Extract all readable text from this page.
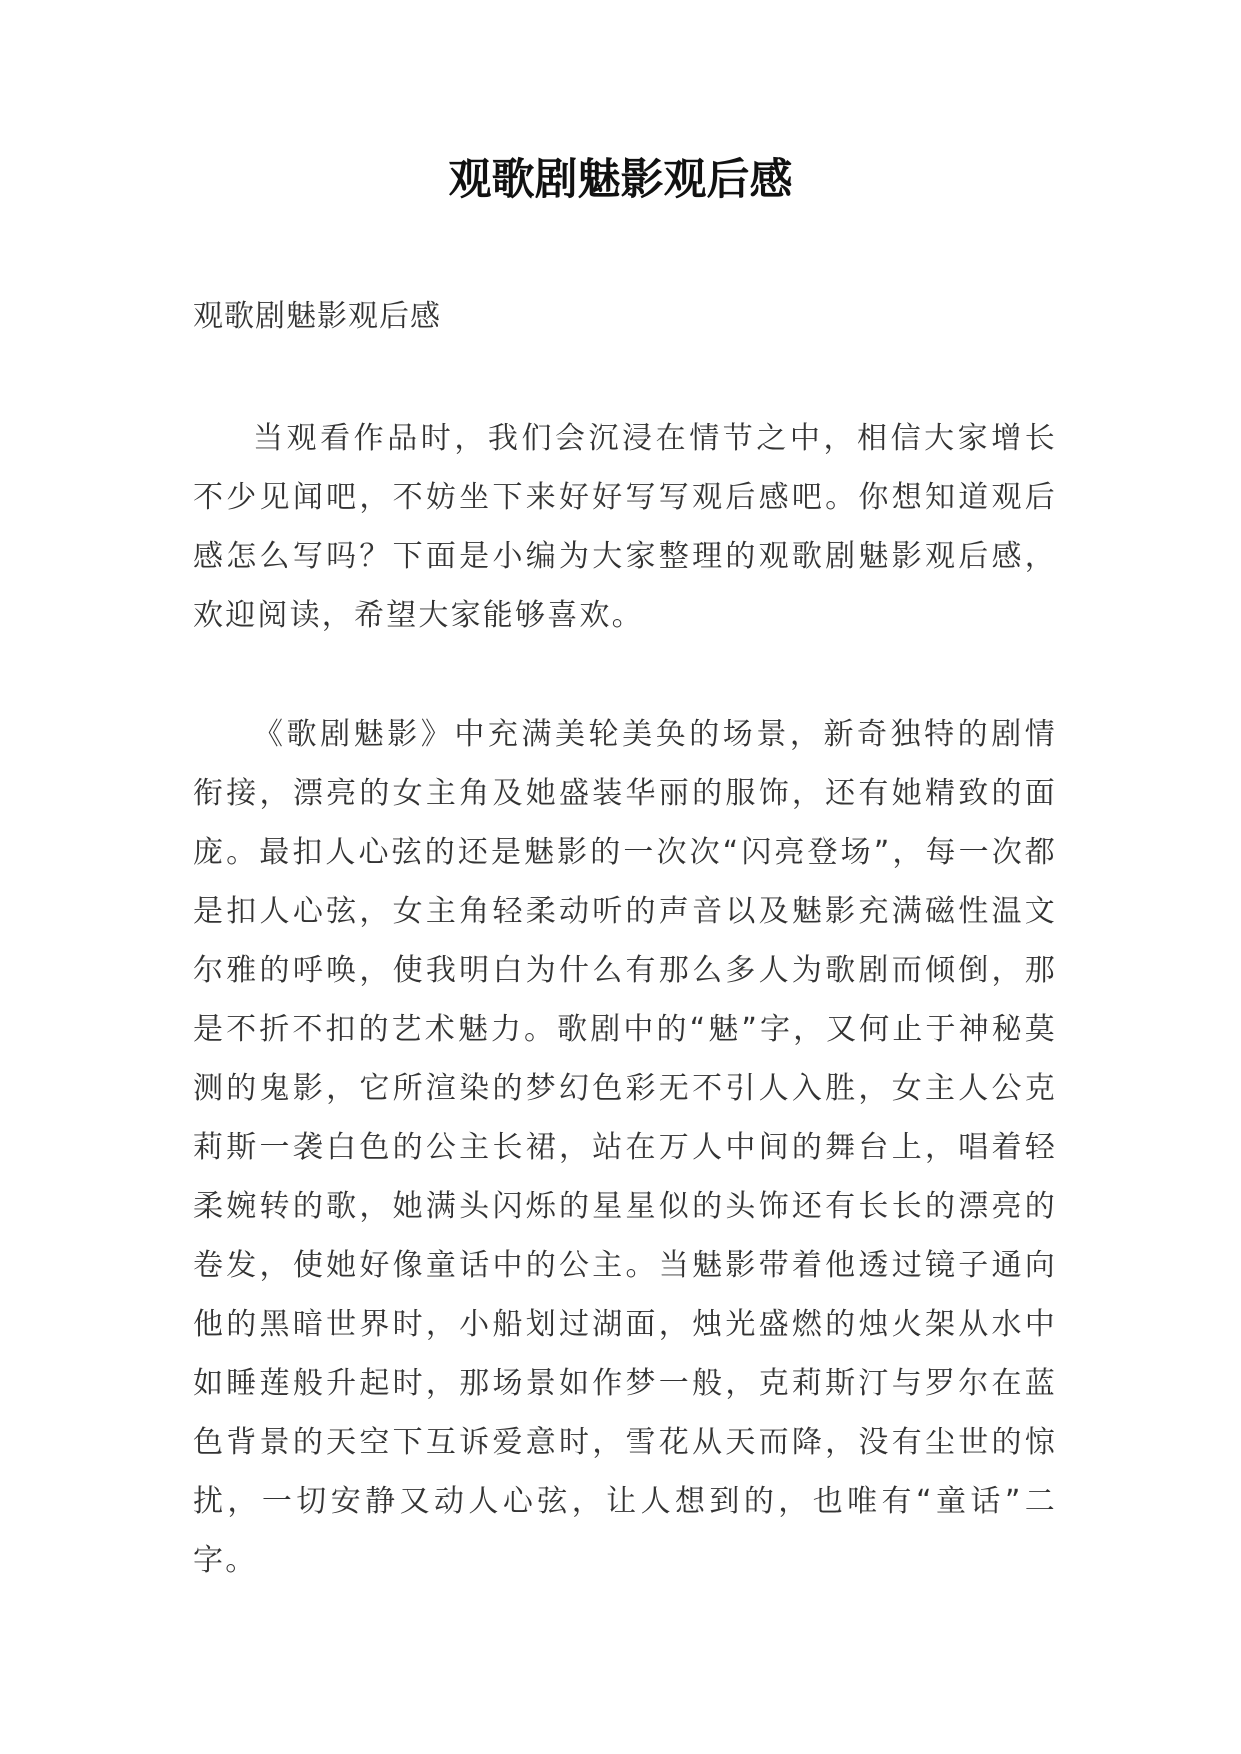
观歌剧魅影观后感

观歌剧魅影观后感

当观看作品时，我们会沉浸在情节之中，相信大家增长不少见闻吧，不妨坐下来好好写写观后感吧。你想知道观后感怎么写吗？下面是小编为大家整理的观歌剧魅影观后感，欢迎阅读，希望大家能够喜欢。

《歌剧魅影》中充满美轮美奂的场景，新奇独特的剧情衔接，漂亮的女主角及她盛装华丽的服饰，还有她精致的面庞。最扣人心弦的还是魅影的一次次“闪亮登场”，每一次都是扣人心弦，女主角轻柔动听的声音以及魅影充满磁性温文尔雅的呼唤，使我明白为什么有那么多人为歌剧而倾倒，那是不折不扣的艺术魅力。歌剧中的“魅”字，又何止于神秘莫测的鬼影，它所渲染的梦幻色彩无不引人入胜，女主人公克莉斯一袭白色的公主长裙，站在万人中间的舞台上，唱着轻柔婉转的歌，她满头闪烁的星星似的头饰还有长长的漂亮的卷发，使她好像童话中的公主。当魅影带着他透过镜子通向他的黑暗世界时，小船划过湖面，烛光盛燃的烛火架从水中如睡莲般升起时，那场景如作梦一般，克莉斯汀与罗尔在蓝色背景的天空下互诉爱意时，雪花从天而降，没有尘世的惊扰，一切安静又动人心弦，让人想到的，也唯有“童话”二字。
